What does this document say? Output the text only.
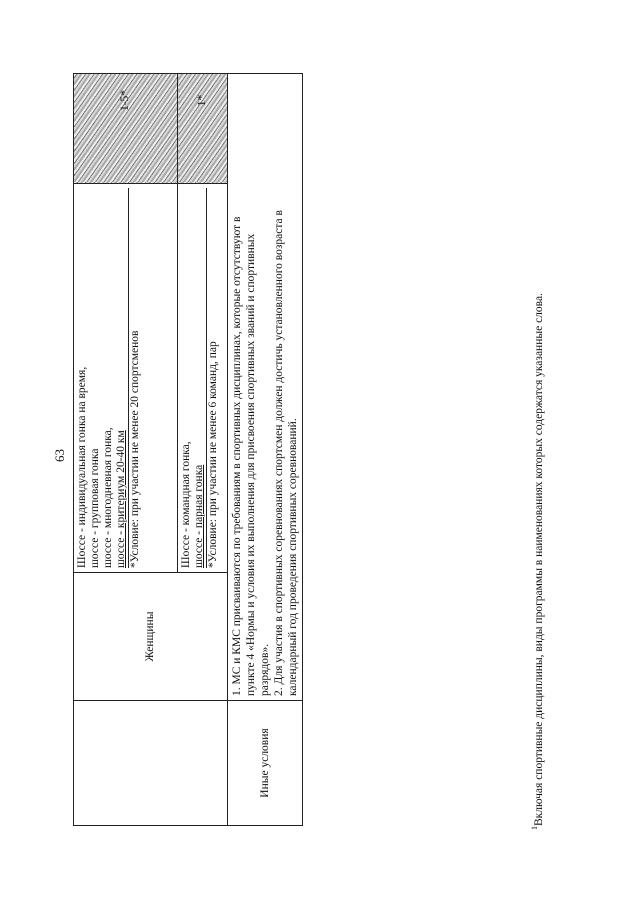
63
	Женщины	Шоссе - индивидуальная гонка на время, шоссе - групповая гонка шоссе - многодневная гонка, шоссе - критериум 20-40 км *Условие: при участии не менее 20 спортсменов	1-5*

		Шоссе - командная гонка, шоссе - парная гонка *Условие: при участии не менее 6 команд, пар	1*
Иные условия	1. МС и КМС присваиваются по требованиям в спортивных дисциплинах, которые отсутствуют в пункте 4 «Нормы и условия их выполнения для присвоения спортивных званий и спортивных разрядов». 2. Для участия в спортивных соревнованиях спортсмен должен достичь установленного возраста в календарный год проведения спортивных соревнований.		
$^1$Включая спортивные дисциплины, виды программы в наименованиях которых содержатся указанные слова.
